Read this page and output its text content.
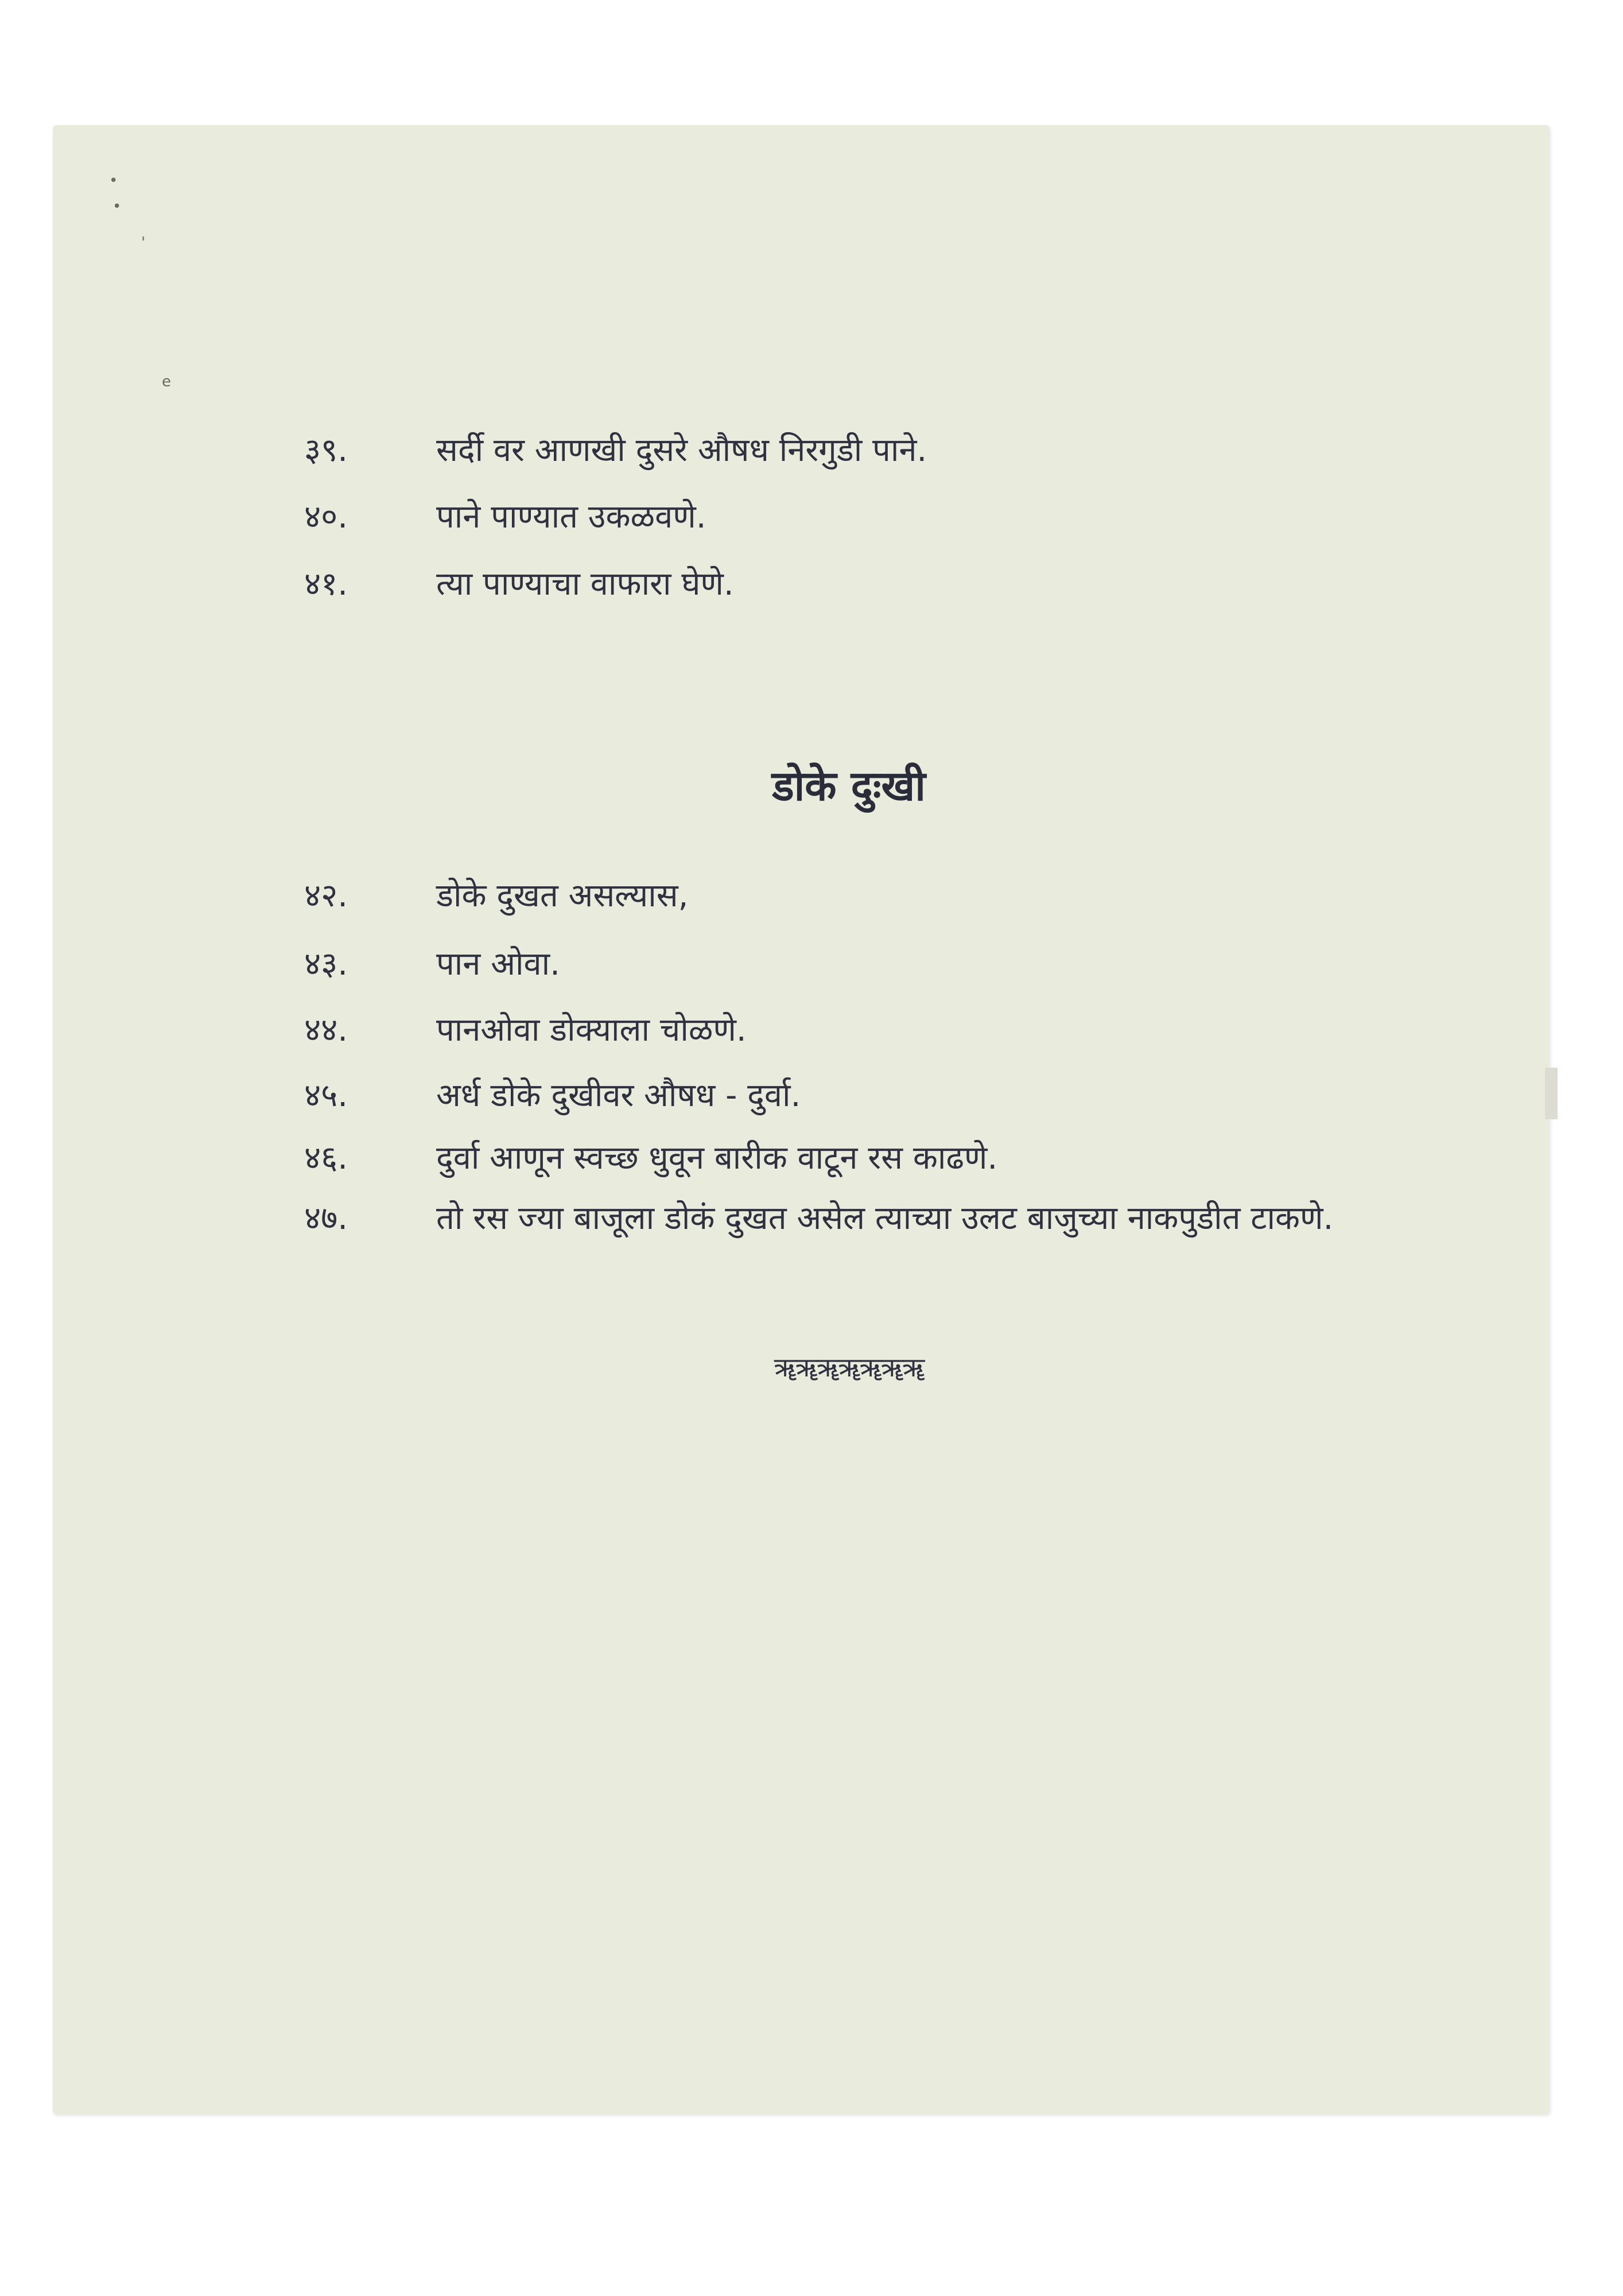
•
•
'
e
३९.	सर्दी वर आणखी दुसरे औषध निरगुडी पाने.
४०.	पाने पाण्यात उकळवणे.
४१.	त्या पाण्याचा वाफारा घेणे.
डोके दुःखी
४२.	डोके दुखत असल्यास,
४३.	पान ओवा.
४४.	पानओवा डोक्याला चोळणे.
४५.	अर्ध डोके दुखीवर औषध - दुर्वा.
४६.	दुर्वा आणून स्वच्छ धुवून बारीक वाटून रस काढणे.
४७.	तो रस ज्या बाजूला डोकं दुखत असेल त्याच्या उलट बाजुच्या नाकपुडीत टाकणे.
ॠॠॠॠॠॠॠ
